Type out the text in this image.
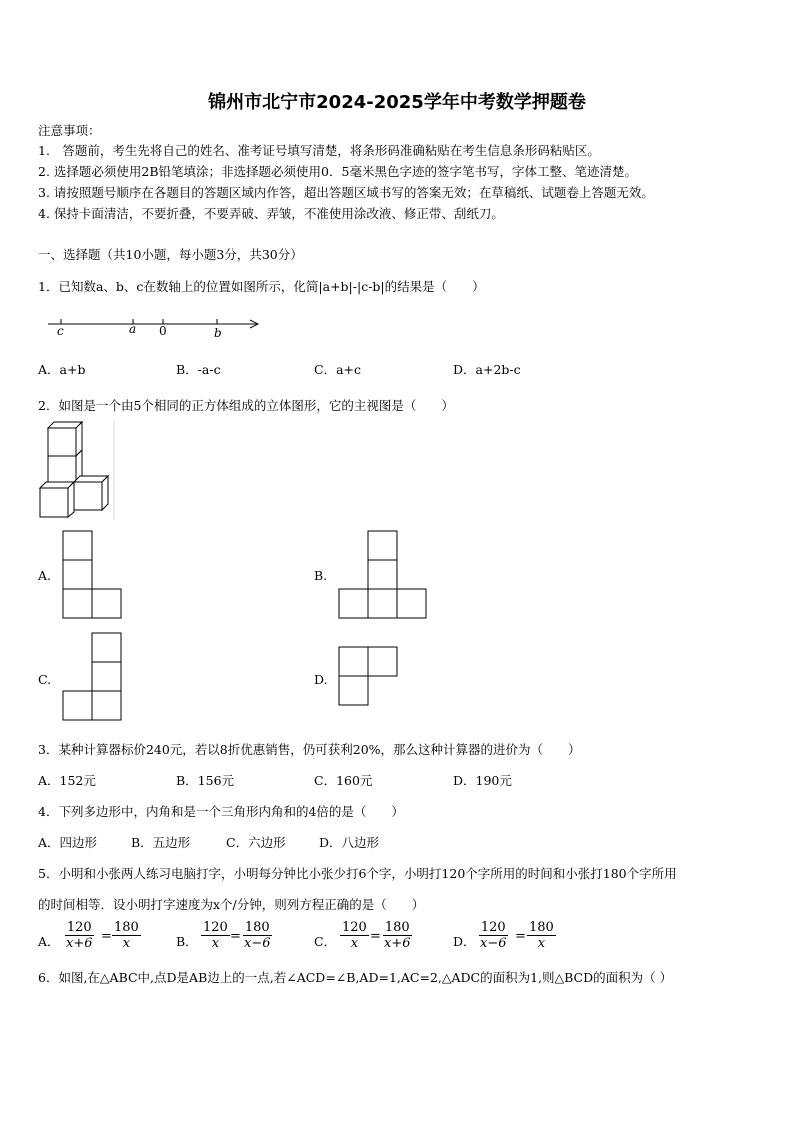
锦州市北宁市2024-2025学年中考数学押题卷
注意事项：
1.　答题前，考生先将自己的姓名、准考证号填写清楚，将条形码准确粘贴在考生信息条形码粘贴区。
2. 选择题必须使用2B铅笔填涂；非选择题必须使用0．5毫米黑色字迹的签字笔书写，字体工整、笔迹清楚。
3. 请按照题号顺序在各题目的答题区域内作答，超出答题区域书写的答案无效；在草稿纸、试题卷上答题无效。
4. 保持卡面清洁，不要折叠，不要弄破、弄皱，不准使用涂改液、修正带、刮纸刀。
一、选择题（共10小题，每小题3分，共30分）
1．已知数a、b、c在数轴上的位置如图所示，化简|a+b|-|c-b|的结果是（　　）
c	a 0	b
A．a+b	B．-a-c	C．a+c	D．a+2b-c
2．如图是一个由5个相同的正方体组成的立体图形，它的主视图是（　　）
A.	B.
C.	D.
3．某种计算器标价240元，若以8折优惠销售，仍可获利20%，那么这种计算器的进价为（　　）
A．152元	B．156元	C．160元	D．190元
4．下列多边形中，内角和是一个三角形内角和的4倍的是（　　）
A．四边形	B．五边形	C．六边形	D．八边形
5．小明和小张两人练习电脑打字，小明每分钟比小张少打6个字，小明打120个字所用的时间和小张打180个字所用
的时间相等．设小明打字速度为x个/分钟，则列方程正确的是（　　）
A． $\frac{120}{x+6} = \frac{180}{x}$	B． $\frac{120}{x} = \frac{180}{x-6}$	C． $\frac{120}{x} = \frac{180}{x+6}$	D． $\frac{120}{x-6} = \frac{180}{x}$
6．如图,在△ABC中,点D是AB边上的一点,若∠ACD=∠B,AD=1,AC=2,△ADC的面积为1,则△BCD的面积为（ ）
